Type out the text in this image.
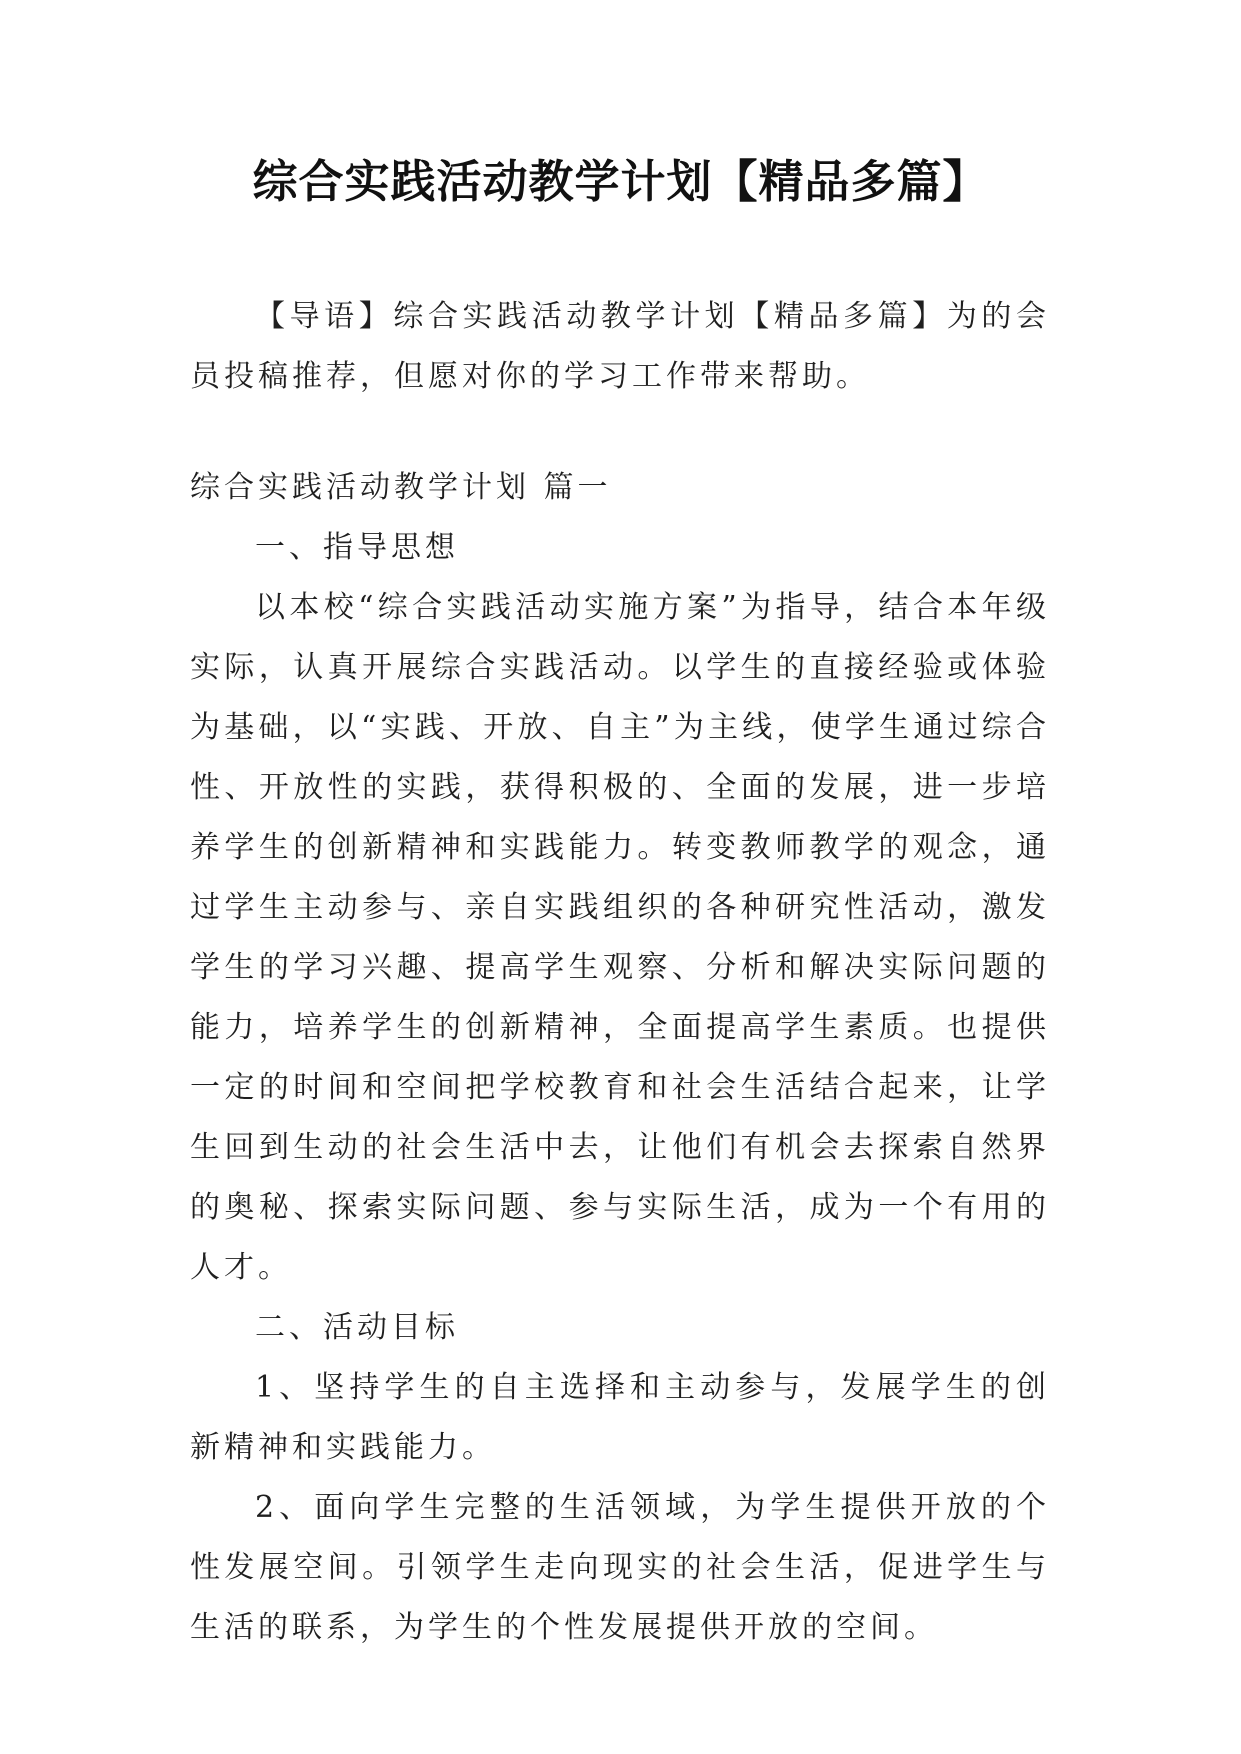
综合实践活动教学计划【精品多篇】
【导语】综合实践活动教学计划【精品多篇】为的会员投稿推荐，但愿对你的学习工作带来帮助。
综合实践活动教学计划 篇一

一、指导思想

以本校“综合实践活动实施方案”为指导，结合本年级实际，认真开展综合实践活动。以学生的直接经验或体验为基础，以“实践、开放、自主”为主线，使学生通过综合性、开放性的实践，获得积极的、全面的发展，进一步培养学生的创新精神和实践能力。转变教师教学的观念，通过学生主动参与、亲自实践组织的各种研究性活动，激发学生的学习兴趣、提高学生观察、分析和解决实际问题的能力，培养学生的创新精神，全面提高学生素质。也提供一定的时间和空间把学校教育和社会生活结合起来，让学生回到生动的社会生活中去，让他们有机会去探索自然界的奥秘、探索实际问题、参与实际生活，成为一个有用的人才。

二、活动目标

1、坚持学生的自主选择和主动参与，发展学生的创新精神和实践能力。

2、面向学生完整的生活领域，为学生提供开放的个性发展空间。引领学生走向现实的社会生活，促进学生与生活的联系，为学生的个性发展提供开放的空间。
